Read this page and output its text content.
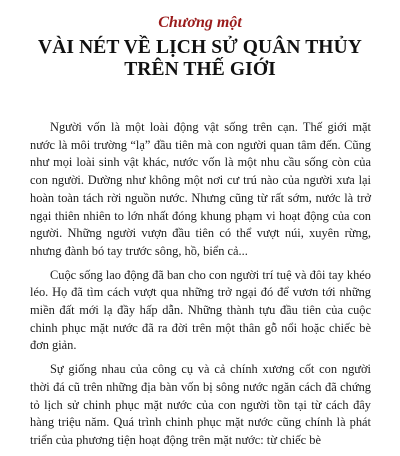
Chương một
VÀI NÉT VỀ LỊCH SỬ QUÂN THỦY
TRÊN THẾ GIỚI

Người vốn là một loài động vật sống trên cạn. Thế giới mặt nước là môi trường “lạ” đầu tiên mà con người quan tâm đến. Cũng như mọi loài sinh vật khác, nước vốn là một nhu cầu sống còn của con người. Dường như không một nơi cư trú nào của người xưa lại hoàn toàn tách rời nguồn nước. Nhưng cũng từ rất sớm, nước là trở ngại thiên nhiên to lớn nhất đóng khung phạm vi hoạt động của con người. Những người vượn đầu tiên có thể vượt núi, xuyên rừng, nhưng đành bó tay trước sông, hồ, biển cả...

Cuộc sống lao động đã ban cho con người trí tuệ và đôi tay khéo léo. Họ đã tìm cách vượt qua những trở ngại đó để vươn tới những miền đất mới lạ đầy hấp dẫn. Những thành tựu đầu tiên của cuộc chinh phục mặt nước đã ra đời trên một thân gỗ nổi hoặc chiếc bè đơn giản.

Sự giống nhau của công cụ và cả chính xương cốt con người thời đá cũ trên những địa bàn vốn bị sông nước ngăn cách đã chứng tỏ lịch sử chinh phục mặt nước của con người tồn tại từ cách đây hàng triệu năm. Quá trình chinh phục mặt nước cũng chính là phát triển của phương tiện hoạt động trên mặt nước: từ chiếc bè
